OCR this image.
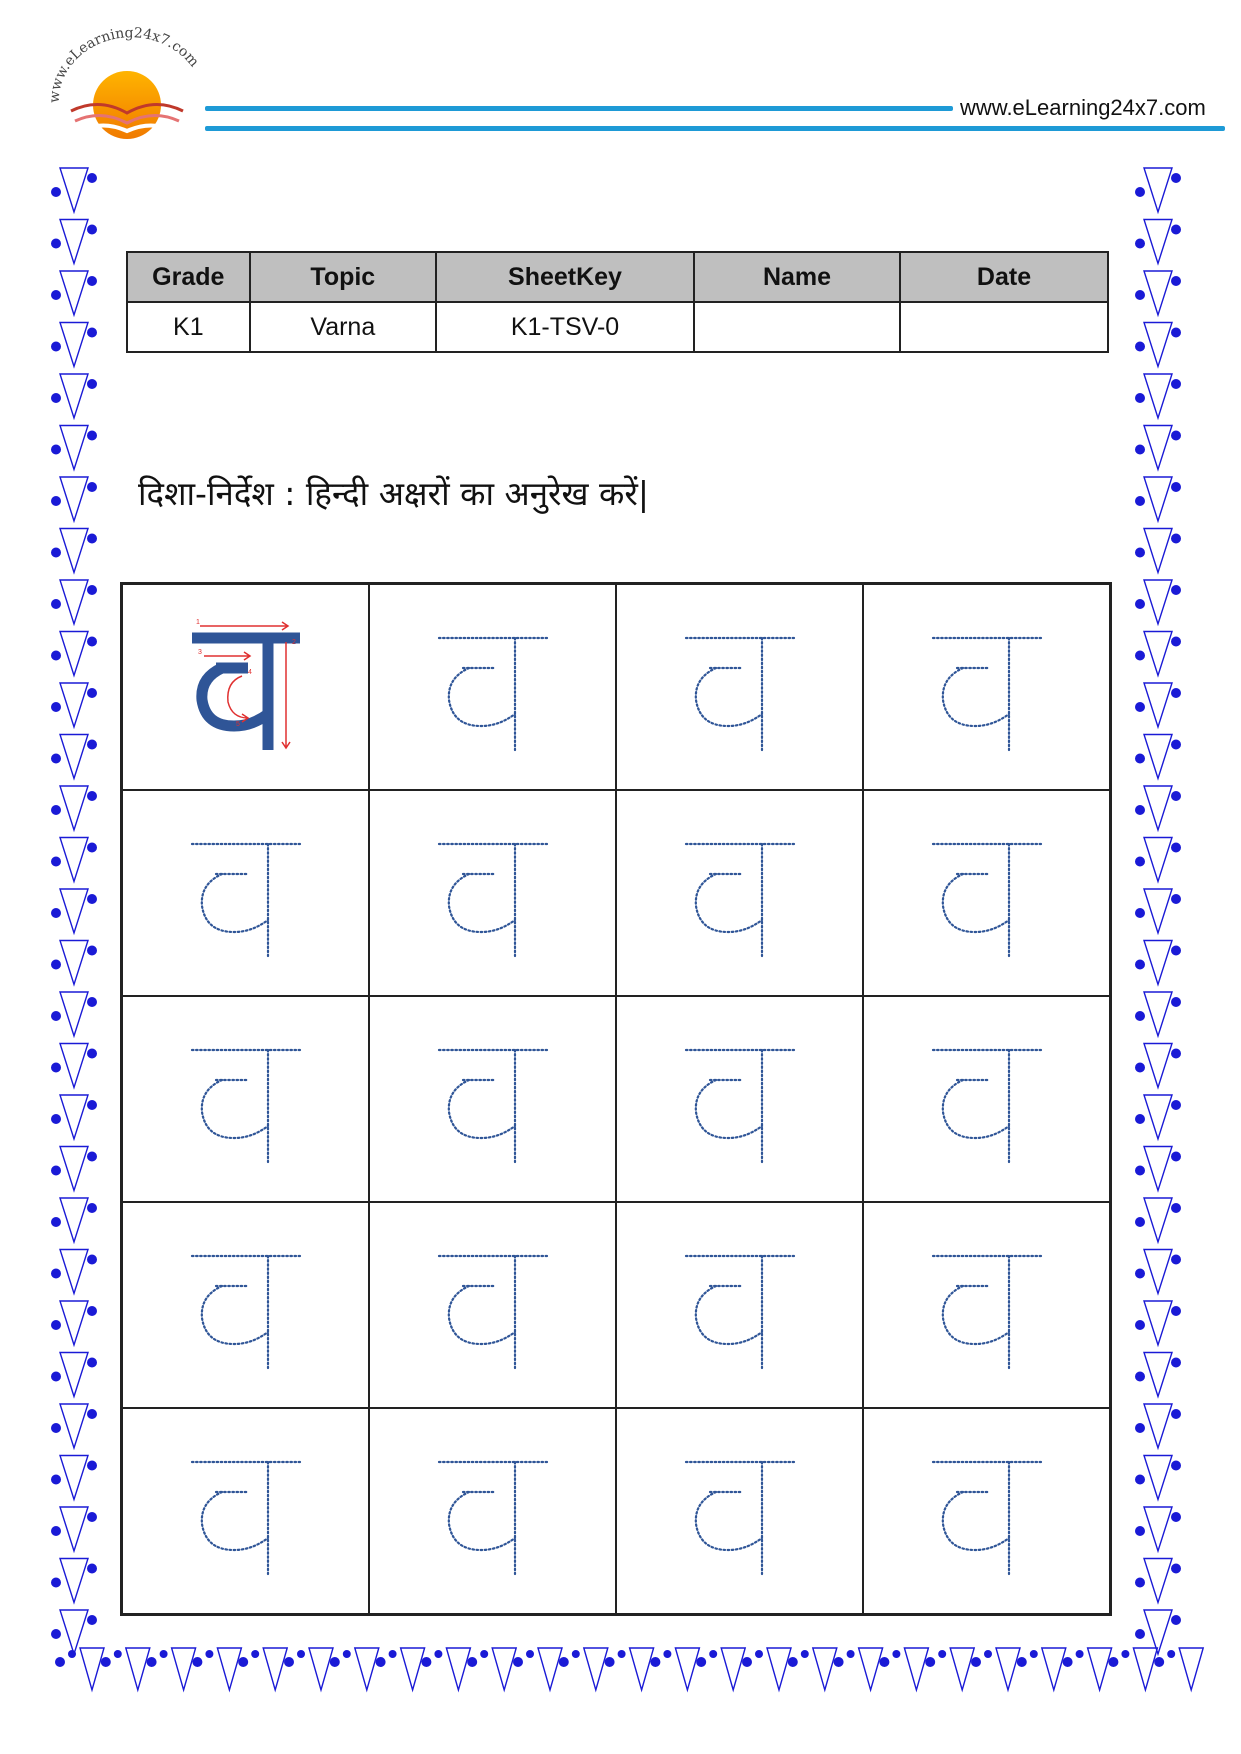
www.eLearning24x7.com
www.eLearning24x7.com
Grade	Topic	SheetKey	Name	Date
K1	Varna	K1-TSV-0		
दिशा-निर्देश : हिन्दी अक्षरों का अनुरेख करें|
1
2
3
4
5
